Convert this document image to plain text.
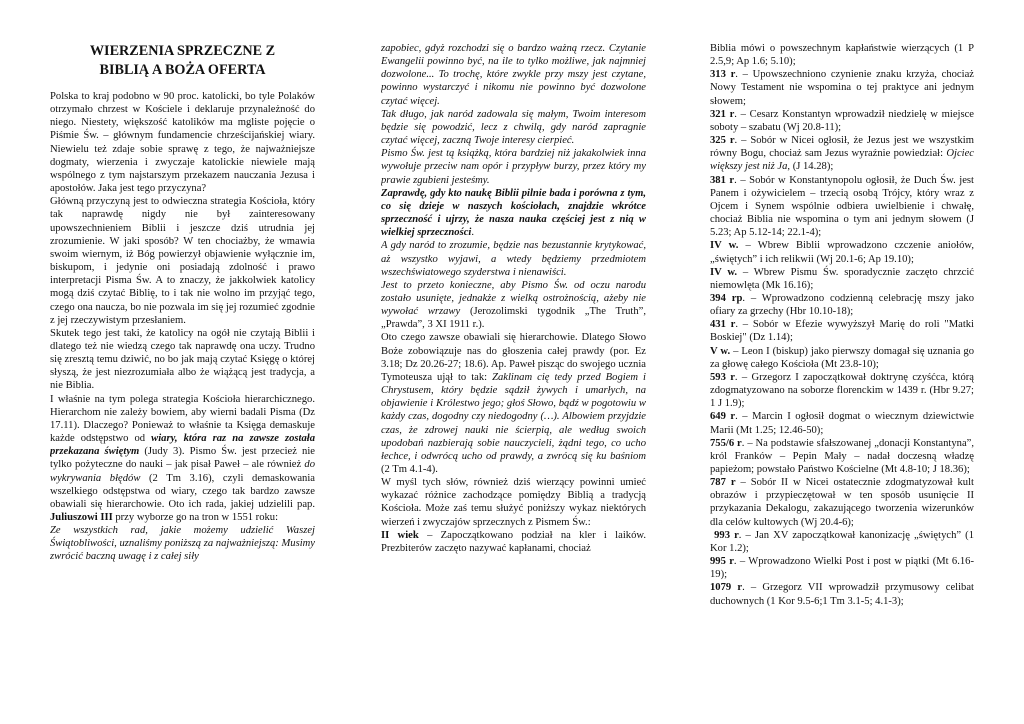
WIERZENIA SPRZECZNE Z
BIBLIĄ A BOŻA OFERTA

Polska to kraj podobno w 90 proc. katolicki, bo tyle Polaków otrzymało chrzest w Kościele i deklaruje przynależność do niego. Niestety, większość katolików ma mgliste pojęcie o Piśmie Św. – głównym fundamencie chrześcijańskiej wiary. Niewielu też zdaje sobie sprawę z tego, że najważniejsze dogmaty, wierzenia i zwyczaje katolickie niewiele mają wspólnego z tym najstarszym przekazem nauczania Jezusa i apostołów. Jaka jest tego przyczyna?

Główną przyczyną jest to odwieczna strategia Kościoła, który tak naprawdę nigdy nie był zainteresowany upowszechnieniem Biblii i jeszcze dziś utrudnia jej zrozumienie. W jaki sposób? W ten chociażby, że wmawia swoim wiernym, iż Bóg powierzył objawienie wyłącznie im, biskupom, i jedynie oni posiadają zdolność i prawo interpretacji Pisma Św. A to znaczy, że jakkolwiek katolicy mogą dziś czytać Biblię, to i tak nie wolno im przyjąć tego, czego ona naucza, bo nie pozwala im się jej rozumieć zgodnie z jej rzeczywistym przesłaniem.

Skutek tego jest taki, że katolicy na ogół nie czytają Biblii i dlatego też nie wiedzą czego tak naprawdę ona uczy. Trudno się zresztą temu dziwić, no bo jak mają czytać Księgę o której słyszą, że jest niezrozumiała albo że wiążącą jest tradycja, a nie Biblia.

I właśnie na tym polega strategia Kościoła hierarchicznego. Hierarchom nie zależy bowiem, aby wierni badali Pisma (Dz 17.11). Dlaczego? Ponieważ to właśnie ta Księga demaskuje każde odstępstwo od wiary, która raz na zawsze została przekazana świętym (Judy 3). Pismo Św. jest przecież nie tylko pożyteczne do nauki – jak pisał Paweł – ale również do wykrywania błędów (2 Tm 3.16), czyli demaskowania wszelkiego odstępstwa od wiary, czego tak bardzo zawsze obawiali się hierarchowie. Oto ich rada, jakiej udzielili pap. Juliuszowi III przy wyborze go na tron w 1551 roku:

Ze wszystkich rad, jakie możemy udzielić Waszej Świątobliwości, uznaliśmy poniższą za najważniejszą: Musimy zwrócić baczną uwagę i z całej siły

zapobiec, gdyż rozchodzi się o bardzo ważną rzecz. Czytanie Ewangelii powinno być, na ile to tylko możliwe, jak najmniej dozwolone... To trochę, które zwykle przy mszy jest czytane, powinno wystarczyć i nikomu nie powinno być dozwolone czytać więcej.

Tak długo, jak naród zadowala się małym, Twoim interesom będzie się powodzić, lecz z chwilą, gdy naród zapragnie czytać więcej, zaczną Twoje interesy cierpieć.

Pismo Św. jest tą książką, która bardziej niż jakakolwiek inna wywołuje przeciw nam opór i przypływ burzy, przez który my prawie zgubieni jesteśmy.

Zaprawdę, gdy kto naukę Biblii pilnie bada i porówna z tym, co się dzieje w naszych kościołach, znajdzie wkrótce sprzeczność i ujrzy, że nasza nauka częściej jest z nią w wielkiej sprzeczności.

A gdy naród to zrozumie, będzie nas bezustannie krytykować, aż wszystko wyjawi, a wtedy będziemy przedmiotem wszechświatowego szyderstwa i nienawiści.

Jest to przeto konieczne, aby Pismo Św. od oczu narodu zostało usunięte, jednakże z wielką ostrożnością, ażeby nie wywołać wrzawy (Jerozolimski tygodnik „The Truth”, „Prawda”, 3 XI 1911 r.).

Oto czego zawsze obawiali się hierarchowie. Dlatego Słowo Boże zobowiązuje nas do głoszenia całej prawdy (por. Ez 3.18; Dz 20.26-27; 18.6). Ap. Paweł pisząc do swojego ucznia Tymoteusza ujął to tak: Zaklinam cię tedy przed Bogiem i Chrystusem, który będzie sądził żywych i umarłych, na objawienie i Królestwo jego; głoś Słowo, bądź w pogotowiu w każdy czas, dogodny czy niedogodny (…). Albowiem przyjdzie czas, że zdrowej nauki nie ścierpią, ale według swoich upodobań nazbierają sobie nauczycieli, żądni tego, co ucho łechce, i odwrócą ucho od prawdy, a zwrócą się ku baśniom (2 Tm 4.1-4).

W myśl tych słów, również dziś wierzący powinni umieć wykazać różnice zachodzące pomiędzy Biblią a tradycją Kościoła. Może zaś temu służyć poniższy wykaz niektórych wierzeń i zwyczajów sprzecznych z Pismem Św.:

II wiek – Zapoczątkowano podział na kler i laików. Prezbiterów zaczęto nazywać kapłanami, chociaż

Biblia mówi o powszechnym kapłaństwie wierzących (1 P 2.5,9; Ap 1.6; 5.10);

313 r. – Upowszechniono czynienie znaku krzyża, chociaż Nowy Testament nie wspomina o tej praktyce ani jednym słowem;

321 r. – Cesarz Konstantyn wprowadził niedzielę w miejsce soboty – szabatu (Wj 20.8-11);

325 r. – Sobór w Nicei ogłosił, że Jezus jest we wszystkim równy Bogu, chociaż sam Jezus wyraźnie powiedział: Ojciec większy jest niż Ja, (J 14.28);

381 r. – Sobór w Konstantynopolu ogłosił, że Duch Św. jest Panem i ożywicielem – trzecią osobą Trójcy, który wraz z Ojcem i Synem wspólnie odbiera uwielbienie i chwałę, chociaż Biblia nie wspomina o tym ani jednym słowem (J 5.23; Ap 5.12-14; 22.1-4);

IV w. – Wbrew Biblii wprowadzono czczenie aniołów, „świętych” i ich relikwii (Wj 20.1-6; Ap 19.10);

IV w. – Wbrew Pismu Św. sporadycznie zaczęto chrzcić niemowlęta (Mk 16.16);

394 rp. – Wprowadzono codzienną celebrację mszy jako ofiary za grzechy (Hbr 10.10-18);

431 r. – Sobór w Efezie wywyższył Marię do roli "Matki Boskiej" (Dz 1.14);

V w. – Leon I (biskup) jako pierwszy domagał się uznania go za głowę całego Kościoła (Mt 23.8-10);

593 r. – Grzegorz I zapoczątkował doktrynę czyśćca, którą zdogmatyzowano na soborze florenckim w 1439 r. (Hbr 9.27; 1 J 1.9);

649 r. – Marcin I ogłosił dogmat o wiecznym dziewictwie Marii (Mt 1.25; 12.46-50);

755/6 r. – Na podstawie sfałszowanej „donacji Konstantyna”, król Franków – Pepin Mały – nadał doczesną władzę papieżom; powstało Państwo Kościelne (Mt 4.8-10; J 18.36);

787 r – Sobór II w Nicei ostatecznie zdogmatyzował kult obrazów i przypieczętował w ten sposób usunięcie II przykazania Dekalogu, zakazującego tworzenia wizerunków dla celów kultowych (Wj 20.4-6);

993 r. – Jan XV zapoczątkował kanonizację „świętych” (1 Kor 1.2);

995 r. – Wprowadzono Wielki Post i post w piątki (Mt 6.16-19);

1079 r. – Grzegorz VII wprowadził przymusowy celibat duchownych (1 Kor 9.5-6;1 Tm 3.1-5; 4.1-3);
